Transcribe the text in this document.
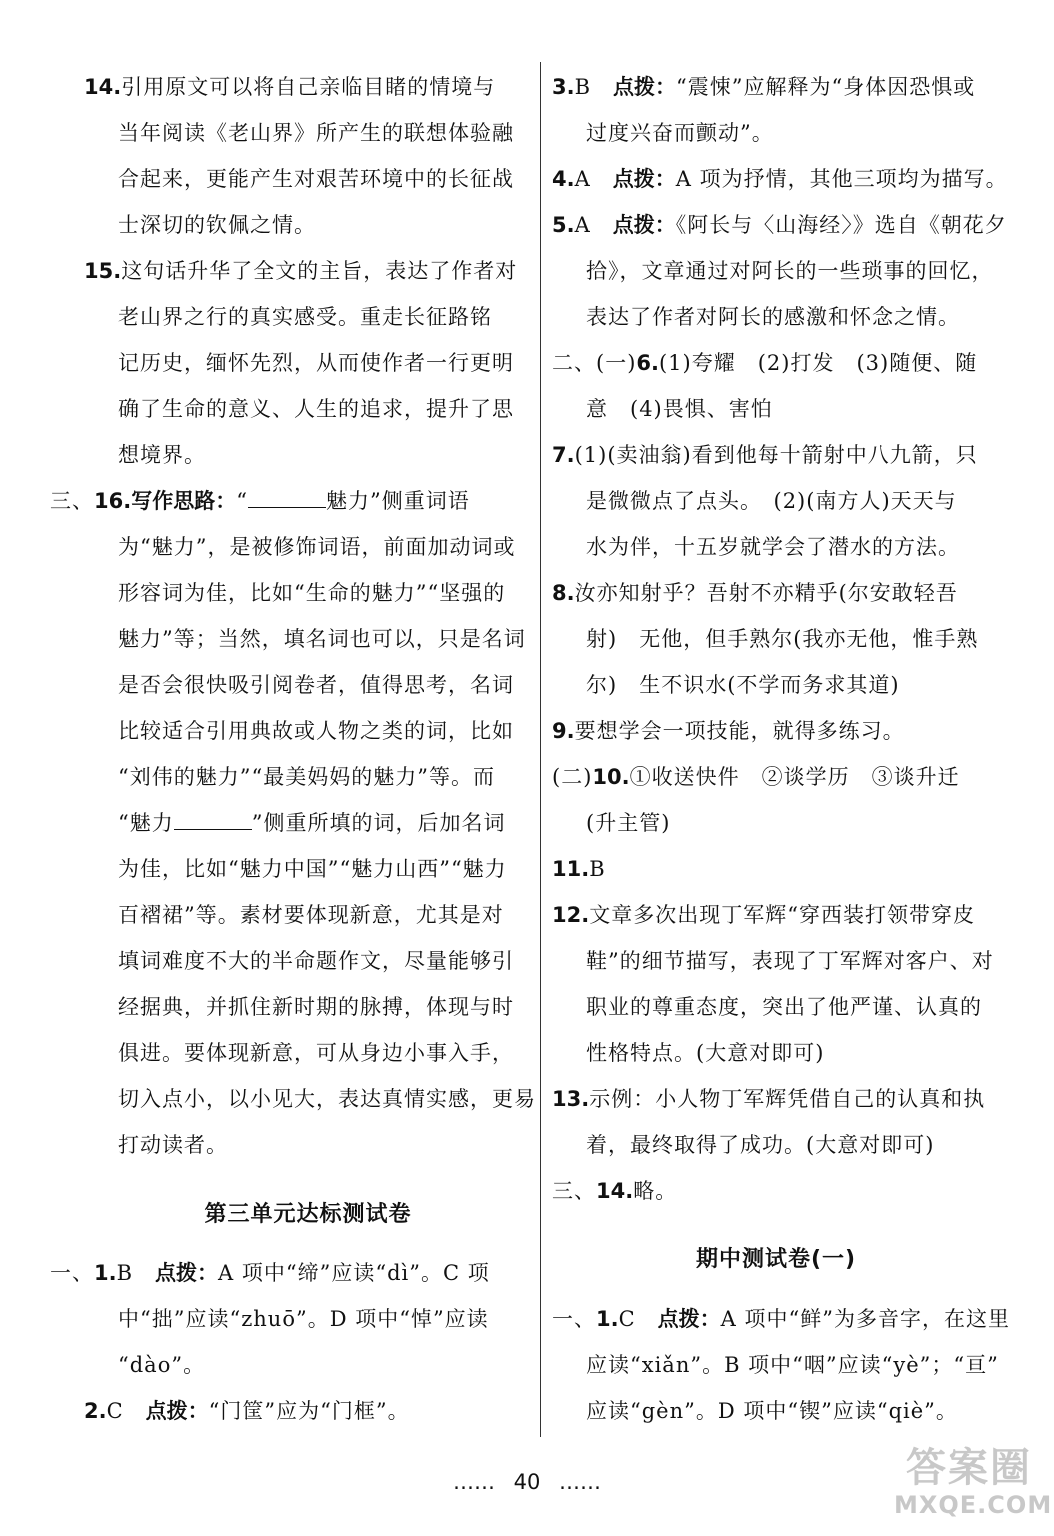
14.引用原文可以将自己亲临目睹的情境与
当年阅读《老山界》所产生的联想体验融
合起来，更能产生对艰苦环境中的长征战
士深切的钦佩之情。
15.这句话升华了全文的主旨，表达了作者对
老山界之行的真实感受。重走长征路铭
记历史，缅怀先烈，从而使作者一行更明
确了生命的意义、人生的追求，提升了思
想境界。
三、16.写作思路：“	魅力”侧重词语
为“魅力”，是被修饰词语，前面加动词或
形容词为佳，比如“生命的魅力”“坚强的
魅力”等；当然，填名词也可以，只是名词
是否会很快吸引阅卷者，值得思考，名词
比较适合引用典故或人物之类的词，比如
“刘伟的魅力”“最美妈妈的魅力”等。而
“魅力	”侧重所填的词，后加名词
为佳，比如“魅力中国”“魅力山西”“魅力
百褶裙”等。素材要体现新意，尤其是对
填词难度不大的半命题作文，尽量能够引
经据典，并抓住新时期的脉搏，体现与时
俱进。要体现新意，可从身边小事入手，
切入点小，以小见大，表达真情实感，更易
打动读者。
第三单元达标测试卷
一、1.B 点拨：A 项中“缔”应读“dì”。C 项
中“拙”应读“zhuō”。D 项中“悼”应读
“dào”。
2.C 点拨：“门筐”应为“门框”。
3.B 点拨：“震悚”应解释为“身体因恐惧或
过度兴奋而颤动”。
4.A 点拨：A 项为抒情，其他三项均为描写。
5.A 点拨：《阿长与〈山海经〉》选自《朝花夕
拾》，文章通过对阿长的一些琐事的回忆，
表达了作者对阿长的感激和怀念之情。
二、(一)6.(1)夸耀　(2)打发　(3)随便、随
意　(4)畏惧、害怕
7.(1)(卖油翁)看到他每十箭射中八九箭，只
是微微点了点头。　(2)(南方人)天天与
水为伴，十五岁就学会了潜水的方法。
8.汝亦知射乎？吾射不亦精乎(尔安敢轻吾
射)　无他，但手熟尔(我亦无他，惟手熟
尔)　生不识水(不学而务求其道)
9.要想学会一项技能，就得多练习。
(二)10.①收送快件　②谈学历　③谈升迁
(升主管)
11.B
12.文章多次出现丁军辉“穿西装打领带穿皮
鞋”的细节描写，表现了丁军辉对客户、对
职业的尊重态度，突出了他严谨、认真的
性格特点。(大意对即可)
13.示例：小人物丁军辉凭借自己的认真和执
着，最终取得了成功。(大意对即可)
三、14.略。
期中测试卷(一)
一、1.C 点拨：A 项中“鲜”为多音字，在这里
应读“xiǎn”。B 项中“咽”应读“yè”；“亘”
应读“gèn”。D 项中“锲”应读“qiè”。
…… 40 ……	答案圈
MXQE.COM
